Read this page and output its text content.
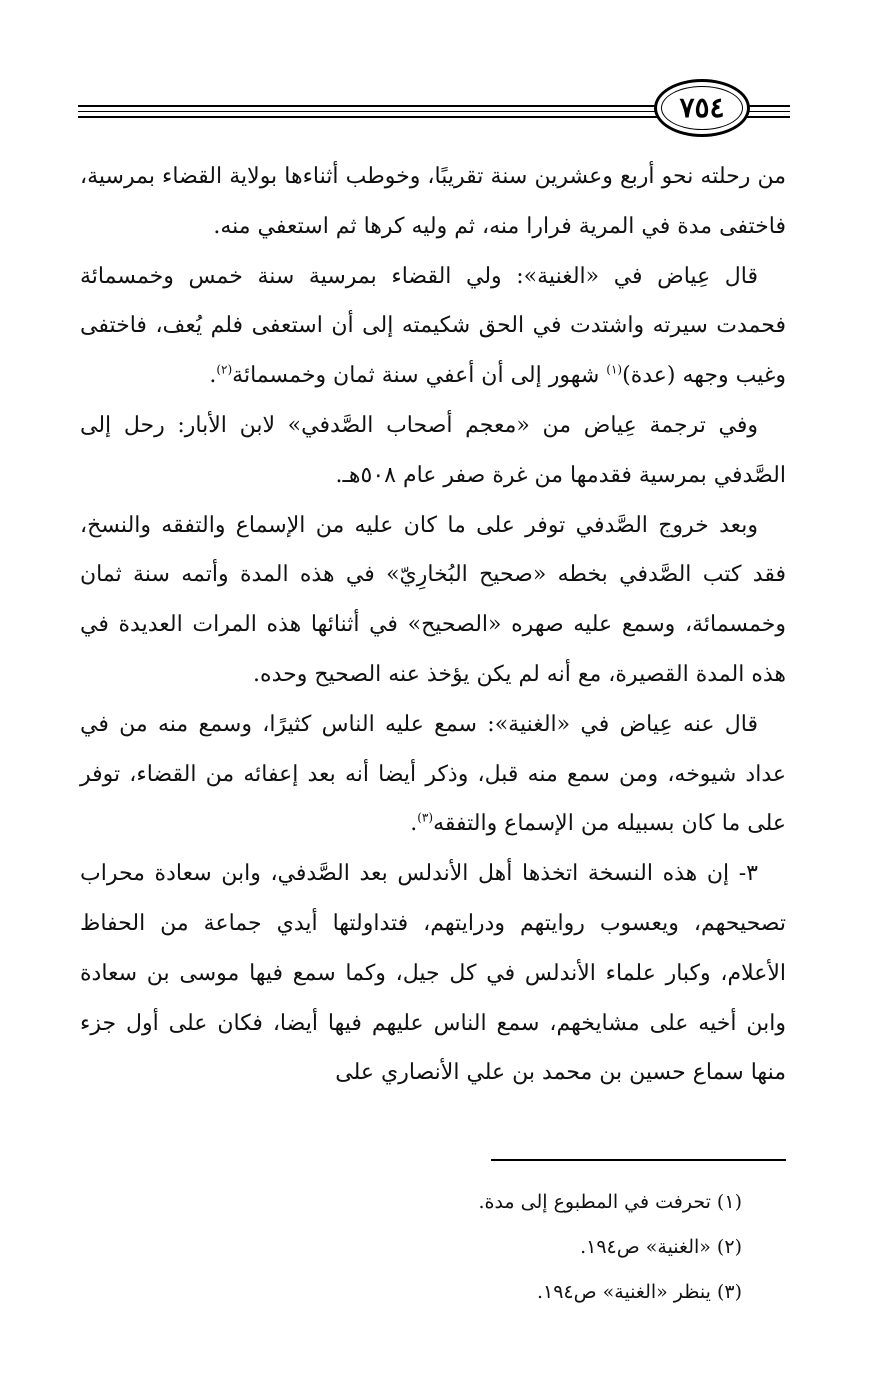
٧٥٤

من رحلته نحو أربع وعشرين سنة تقريبًا، وخوطب أثناءها بولاية القضاء بمرسية، فاختفى مدة في المرية فرارا منه، ثم وليه كرها ثم استعفي منه.

قال عِياض في «الغنية»: ولي القضاء بمرسية سنة خمس وخمسمائة فحمدت سيرته واشتدت في الحق شكيمته إلى أن استعفى فلم يُعف، فاختفى وغيب وجهه (عدة)$^{(١)}$ شهور إلى أن أعفي سنة ثمان وخمسمائة$^{(٢)}$.

وفي ترجمة عِياض من «معجم أصحاب الصَّدفي» لابن الأبار: رحل إلى الصَّدفي بمرسية فقدمها من غرة صفر عام ٥٠٨هـ.

وبعد خروج الصَّدفي توفر على ما كان عليه من الإسماع والتفقه والنسخ، فقد كتب الصَّدفي بخطه «صحيح البُخارِيّ» في هذه المدة وأتمه سنة ثمان وخمسمائة، وسمع عليه صهره «الصحيح» في أثنائها هذه المرات العديدة في هذه المدة القصيرة، مع أنه لم يكن يؤخذ عنه الصحيح وحده.

قال عنه عِياض في «الغنية»: سمع عليه الناس كثيرًا، وسمع منه من في عداد شيوخه، ومن سمع منه قبل، وذكر أيضا أنه بعد إعفائه من القضاء، توفر على ما كان بسبيله من الإسماع والتفقه$^{(٣)}$.

٣- إن هذه النسخة اتخذها أهل الأندلس بعد الصَّدفي، وابن سعادة محراب تصحيحهم، ويعسوب روايتهم ودرايتهم، فتداولتها أيدي جماعة من الحفاظ الأعلام، وكبار علماء الأندلس في كل جيل، وكما سمع فيها موسى بن سعادة وابن أخيه على مشايخهم، سمع الناس عليهم فيها أيضا، فكان على أول جزء منها سماع حسين بن محمد بن علي الأنصاري على

(١) تحرفت في المطبوع إلى مدة.
(٢) «الغنية» ص١٩٤.
(٣) ينظر «الغنية» ص١٩٤.
